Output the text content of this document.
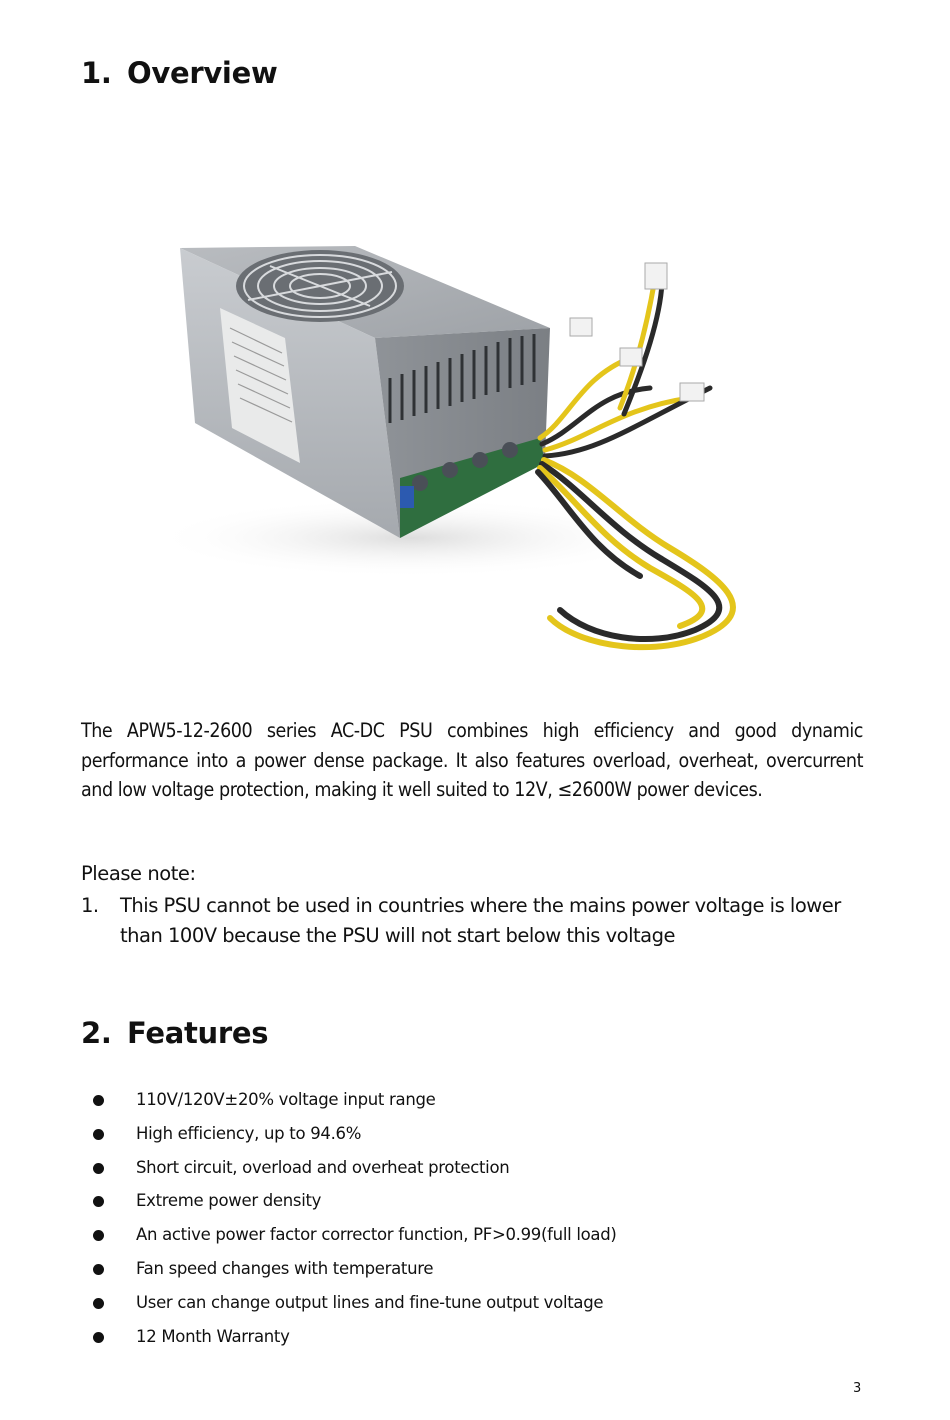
1. Overview

The APW5-12-2600 series AC-DC PSU combines high efficiency and good dynamic performance into a power dense package. It also features overload, overheat, overcurrent and low voltage protection, making it well suited to 12V, ≤2600W power devices.

Please note:

1. This PSU cannot be used in countries where the mains power voltage is lower than 100V because the PSU will not start below this voltage
2. Features
110V/120V±20% voltage input range
High efficiency, up to 94.6%
Short circuit, overload and overheat protection
Extreme power density
An active power factor corrector function, PF>0.99(full load)
Fan speed changes with temperature
User can change output lines and fine-tune output voltage
12 Month Warranty
3
